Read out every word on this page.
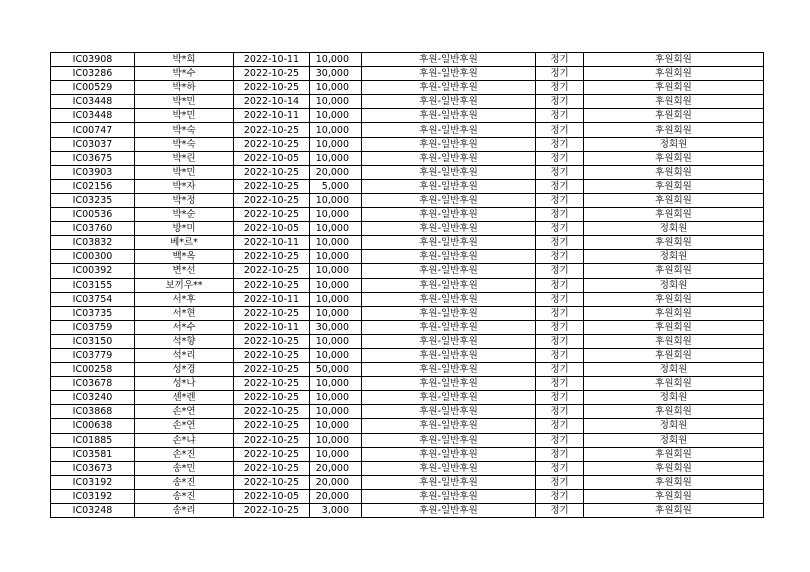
IC03908	박*희	2022-10-11	10,000	후원-일반후원	정기	후원회원
IC03286	박*수	2022-10-25	30,000	후원-일반후원	정기	후원회원
IC00529	박*하	2022-10-25	10,000	후원-일반후원	정기	후원회원
IC03448	박*민	2022-10-14	10,000	후원-일반후원	정기	후원회원
IC03448	박*민	2022-10-11	10,000	후원-일반후원	정기	후원회원
IC00747	박*숙	2022-10-25	10,000	후원-일반후원	정기	후원회원
IC03037	박*숙	2022-10-25	10,000	후원-일반후원	정기	정회원
IC03675	박*린	2022-10-05	10,000	후원-일반후원	정기	후원회원
IC03903	박*민	2022-10-25	20,000	후원-일반후원	정기	후원회원
IC02156	박*자	2022-10-25	5,000	후원-일반후원	정기	후원회원
IC03235	박*정	2022-10-25	10,000	후원-일반후원	정기	후원회원
IC00536	박*순	2022-10-25	10,000	후원-일반후원	정기	후원회원
IC03760	방*미	2022-10-05	10,000	후원-일반후원	정기	정회원
IC03832	베*르*	2022-10-11	10,000	후원-일반후원	정기	후원회원
IC00300	백*옥	2022-10-25	10,000	후원-일반후원	정기	정회원
IC00392	변*선	2022-10-25	10,000	후원-일반후원	정기	후원회원
IC03155	보끼우**	2022-10-25	10,000	후원-일반후원	정기	정회원
IC03754	서*후	2022-10-11	10,000	후원-일반후원	정기	후원회원
IC03735	서*현	2022-10-25	10,000	후원-일반후원	정기	후원회원
IC03759	서*수	2022-10-11	30,000	후원-일반후원	정기	후원회원
IC03150	석*향	2022-10-25	10,000	후원-일반후원	정기	후원회원
IC03779	석*리	2022-10-25	10,000	후원-일반후원	정기	후원회원
IC00258	성*경	2022-10-25	50,000	후원-일반후원	정기	정회원
IC03678	성*나	2022-10-25	10,000	후원-일반후원	정기	후원회원
IC03240	센*렌	2022-10-25	10,000	후원-일반후원	정기	정회원
IC03868	손*연	2022-10-25	10,000	후원-일반후원	정기	후원회원
IC00638	손*연	2022-10-25	10,000	후원-일반후원	정기	정회원
IC01885	손*냐	2022-10-25	10,000	후원-일반후원	정기	정회원
IC03581	손*진	2022-10-25	10,000	후원-일반후원	정기	후원회원
IC03673	송*민	2022-10-25	20,000	후원-일반후원	정기	후원회원
IC03192	송*진	2022-10-25	20,000	후원-일반후원	정기	후원회원
IC03192	송*진	2022-10-05	20,000	후원-일반후원	정기	후원회원
IC03248	송*리	2022-10-25	3,000	후원-일반후원	정기	후원회원
